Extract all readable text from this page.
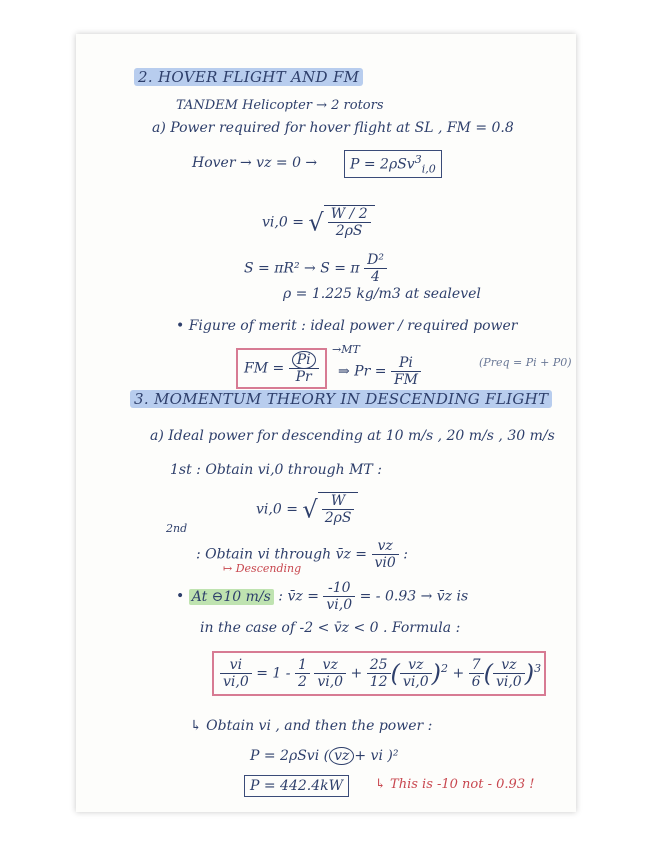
2. HOVER FLIGHT AND FM
TANDEM Helicopter → 2 rotors
a) Power required for hover flight at SL , FM = 0.8
Hover → vz = 0 →	P = 2ρSv$^3_{i,0}$
vi,0 = √ $\frac{W / 2}{2\rho S}$
S = πR² → S = π $\frac{\text{D²}}{4}$
ρ = 1.225 kg/m3 at sealevel
• Figure of merit : ideal power / required power
FM = $\frac{Pi}{Pr}$
→MT
⇒ $Pr = \frac{Pi}{FM}$	(Preq = Pi + P0)
3. MOMENTUM THEORY IN DESCENDING FLIGHT
a) Ideal power for descending at 10 m/s , 20 m/s , 30 m/s
1st : Obtain vi,0 through MT :
vi,0 = √ $\frac{W}{2\rho S}$
2nd
: Obtain vi through v̄z = $\frac{vz}{vi0}$ :
↦ Descending
• At ⊖10 m/s : v̄z = $\frac{-10}{vi,0}$ = - 0.93 → v̄z is
in the case of -2 < v̄z < 0 . Formula :
$\frac{vi}{vi,0} = 1 - \frac{1}{2}$
$\frac{vz}{vi,0} + \frac{25}{12}$ ( $\frac{vz}{vi,0} )^2 + \frac{7}{6}$ ( $\frac{vz}{vi,0} )^3$
↳ Obtain vi , and then the power :
P = 2ρSvi ( vz + vi )²
P = 442.4kW	↳ This is -10 not - 0.93 !
